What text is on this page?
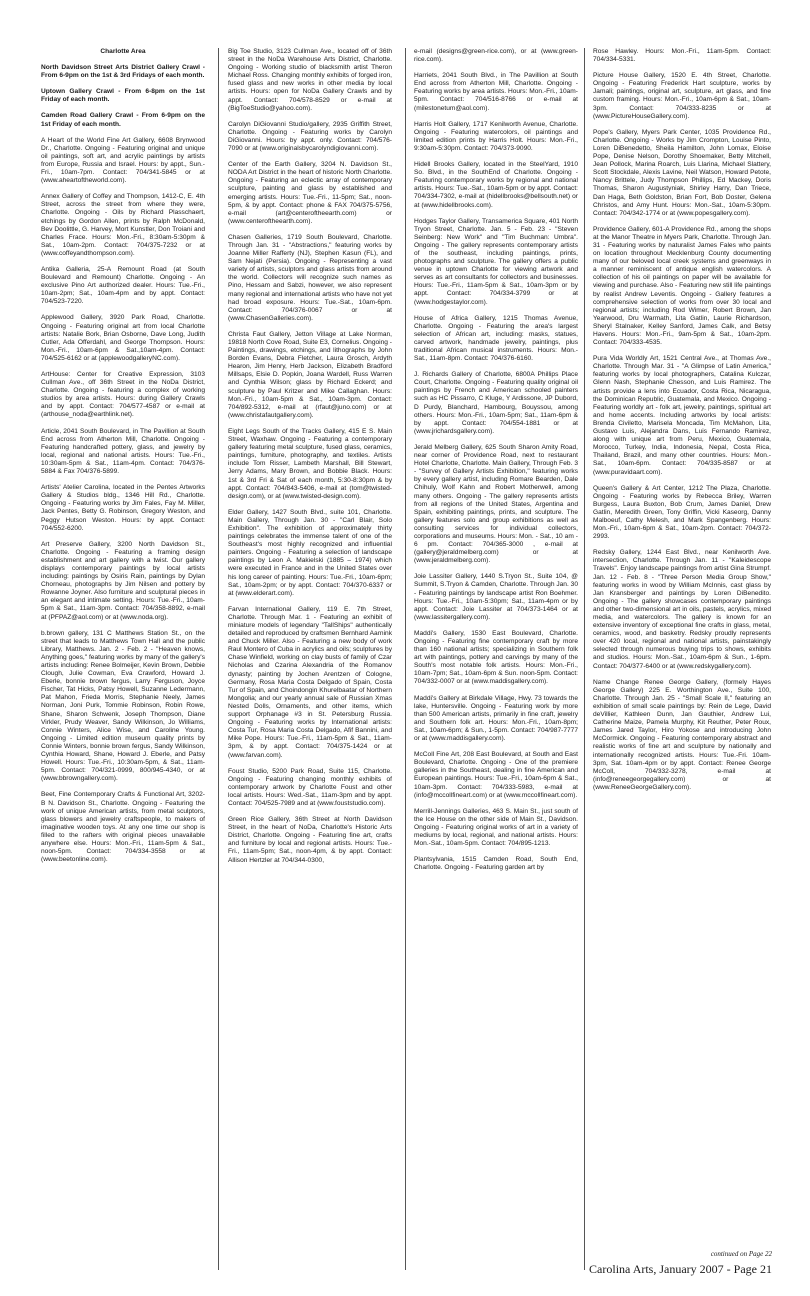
Charlotte Area

North Davidson Street Arts District Gallery Crawl - From 6-9pm on the 1st & 3rd Fridays of each month.

Uptown Gallery Crawl - From 6-8pm on the 1st Friday of each month.

Camden Road Gallery Crawl - From 6-9pm on the 1st Friday of each month.

A Heart of the World Fine Art Gallery, 6608 Brynwood Dr., Charlotte. Ongoing - Featuring original and unique oil paintings, soft art, and acrylic paintings by artists from Europe, Russia and Israel. Hours: by appt., Sun.-Fri., 10am-7pm. Contact: 704/341-5845 or at (www.aheartoftheworld.com).

Annex Gallery of Coffey and Thompson, 1412-C, E. 4th Street, across the street from where they were, Charlotte. Ongoing - Oils by Richard Plasschaert, etchings by Gordon Allen, prints by Ralph McDonald, Bev Doolittle, G. Harvey, Mort Kunstler, Don Troiani and Charles Frace. Hours: Mon.-Fri., 8:30am-5:30pm & Sat., 10am-2pm. Contact: 704/375-7232 or at (www.coffeyandthompson.com).

Antika Galleria, 25-A Remount Road (at South Boulevard and Remount) Charlotte. Ongoing - An exclusive Pino Art authorized dealer. Hours: Tue.-Fri., 10am-2pm; Sat., 10am-4pm and by appt. Contact: 704/523-7220.

Applewood Gallery, 3920 Park Road, Charlotte. Ongoing - Featuring original art from local Charlotte artists: Natalie Bork, Brian Osborne, Dave Long, Judith Cutler, Ada Offerdahl, and George Thompson. Hours: Mon.-Fri., 10am-6pm & Sat.,10am-4pm. Contact: 704/525-6162 or at (applewoodgalleryNC.com).

ArtHouse: Center for Creative Expression, 3103 Cullman Ave., off 36th Street in the NoDa District, Charlotte. Ongoing - featuring a complex of working studios by area artists. Hours: during Gallery Crawls and by appt. Contact: 704/577-4587 or e-mail at (arthouse_noda@earthlink.net).

Article, 2041 South Boulevard, in The Pavillion at South End across from Atherton Mill, Charlotte. Ongoing - Featuring handcrafted pottery, glass, and jewelry by local, regional and national artists. Hours: Tue.-Fri., 10:30am-5pm & Sat., 11am-4pm. Contact: 704/376-5884 & Fax 704/376-5899.

Artists' Atelier Carolina, located in the Pentes Artworks Gallery & Studios bldg., 1346 Hill Rd., Charlotte. Ongoing - Featuring works by Jim Fales, Fay M. Miller, Jack Pentes, Betty G. Robinson, Gregory Weston, and Peggy Hutson Weston. Hours: by appt. Contact: 704/552-6200.

Art Preserve Gallery, 3200 North Davidson St., Charlotte. Ongoing - Featuring a framing design establishment and art gallery with a twist. Our gallery displays contemporary paintings by local artists including: paintings by Osiris Rain, paintings by Dylan Chorneau, photographs by Jim Nilsen and pottery by Rowanne Joyner. Also furniture and sculptural pieces in an elegant and intimate setting. Hours: Tue.-Fri., 10am-5pm & Sat., 11am-3pm. Contact: 704/358-8892, e-mail at (PFPAZ@aol.com) or at (www.noda.org).

b.brown gallery, 131 C Matthews Station St., on the street that leads to Matthews Town Hall and the public Library, Matthews. Jan. 2 - Feb. 2 - "Heaven knows, Anything goes," featuring works by many of the gallery's artists including: Renee Bolmeijer, Kevin Brown, Debbie Clough, Julie Cowman, Eva Crawford, Howard J. Eberle, bonnie brown fergus, Larry Ferguson, Joyce Fischer, Tat Hicks, Patsy Howell, Suzanne Ledermann, Pat Mahon, Frieda Morris, Stephanie Neely, James Norman, Joni Purk, Tommie Robinson, Robin Rowe, Shane, Sharon Schwenk, Joseph Thompson, Diane Virkler, Prudy Weaver, Sandy Wilkinson, Jo Williams, Connie Winters, Alice Wise, and Caroline Young. Ongoing - Limited edition museum quality prints by Connie Winters, bonnie brown fergus, Sandy Wilkinson, Cynthia Howard, Shane, Howard J. Eberle, and Patsy Howell. Hours: Tue.-Fri., 10:30am-5pm, & Sat., 11am-5pm. Contact: 704/321-0999, 800/945-4340, or at (www.bbrowngallery.com).

Beet, Fine Contemporary Crafts & Functional Art, 3202-B N. Davidson St., Charlotte. Ongoing - Featuring the work of unique American artists, from metal sculptors, glass blowers and jewelry craftspeople, to makers of imaginative wooden toys. At any one time our shop is filled to the rafters with original pieces unavailable anywhere else. Hours: Mon.-Fri., 11am-5pm & Sat., noon-5pm. Contact: 704/334-3558 or at (www.beetonline.com).

Big Toe Studio, 3123 Cullman Ave., located off of 36th street in the NoDa Warehouse Arts District, Charlotte. Ongoing - Working studio of blacksmith artist Theron Michael Ross. Changing monthly exhibits of forged iron, fused glass and new works in other media by local artists. Hours: open for NoDa Gallery Crawls and by appt. Contact: 704/578-8529 or e-mail at (BigToeStudio@yahoo.com).

Carolyn DiGiovanni Studio/gallery, 2935 Griffith Street, Charlotte. Ongoing - Featuring works by Carolyn DiGiovanni. Hours: by appt. only. Contact: 704/576-7090 or at (www.originalsbycarolyndigiovanni.com).

Center of the Earth Gallery, 3204 N. Davidson St., NODA Art District in the heart of historic North Charlotte. Ongoing - Featuring an eclectic array of contemporary sculpture, painting and glass by established and emerging artists. Hours: Tue.-Fri., 11-5pm; Sat., noon-5pm, & by appt. Contact: phone & FAX 704/375-5756, e-mail (art@centeroftheearth.com) or (www.centeroftheearth.com).

Chasen Galleries, 1719 South Boulevard, Charlotte. Through Jan. 31 - "Abstractions," featuring works by Joanne Miller Rafferty (NJ), Stephen Kasun (FL), and Sam Nejati (Persia). Ongoing - Representing a vast variety of artists, sculptors and glass artists from around the world. Collectors will recognize such names as Pino, Hessam and Sabzi, however, we also represent many regional and international artists who have not yet had broad exposure. Hours: Tue.-Sat., 10am-6pm. Contact: 704/376-0067 or at (www.ChasenGalleries.com).

Christa Faut Gallery, Jetton Village at Lake Norman, 19818 North Cove Road, Suite E3, Cornelius. Ongoing - Paintings, drawings, etchings, and lithographs by John Borden Evans, Debra Fletcher, Laura Grosch, Ardyth Hearon, Jim Henry, Herb Jackson, Elizabeth Bradford Millsaps, Elsie D. Popkin, Joana Wardell, Russ Warren and Cynthia Wilson; glass by Richard Eckerd; and sculpture by Paul Kritzer and Mike Callaghan. Hours: Mon.-Fri., 10am-5pm & Sat., 10am-3pm. Contact: 704/892-5312, e-mail at (rfaut@juno.com) or at (www.christafautgallery.com).

Eight Legs South of the Tracks Gallery, 415 E S. Main Street, Waxhaw. Ongoing - Featuring a contemporary gallery featuring metal sculpture, fused glass, ceramics, paintings, furniture, photography, and textiles. Artists include Tom Risser, Lambeth Marshall, Bill Stewart, Jerry Adams, Mary Brown, and Bobbie Black. Hours: 1st & 3rd Fri & Sat of each month, 5:30-8:30pm & by appt. Contact: 704/843-5406, e-mail at (tom@twisted-design.com), or at (www.twisted-design.com).

Elder Gallery, 1427 South Blvd., suite 101, Charlotte. Main Gallery, Through Jan. 30 - "Carl Blair, Solo Exhibition". The exhibition of approximately thirty paintings celebrates the immense talent of one of the Southeast's most highly recognized and influential painters. Ongoing - Featuring a selection of landscape paintings by Leon A. Makielski (1885 – 1974) which were executed in France and in the United States over his long career of painting. Hours: Tue.-Fri., 10am-6pm; Sat., 10am-2pm; or by appt. Contact: 704/370-6337 or at (www.elderart.com).

Farvan International Gallery, 119 E. 7th Street, Charlotte. Through Mar. 1 - Featuring an exhibit of miniature models of legendary "TallShips" authentically detailed and reproduced by craftsmen Bernhard Aarnink and Chuck Miller. Also - Featuring a new body of work Raul Montero of Cuba in acrylics and oils; sculptures by Chase Winfield, working on clay busts of family of Czar Nicholas and Czarina Alexandria of the Romanov dynasty; painting by Jochen Arentzen of Cologne, Germany, Rosa Maria Costa Delgado of Spain, Costa Tur of Spain, and Choindongin Khurelbaatar of Northern Mongolia; and our yearly annual sale of Russian Xmas Nested Dolls, Ornaments, and other items, which support Orphanage #3 in St. Petersburg Russia. Ongoing - Featuring works by International artists: Costa Tur, Rosa Maria Costa Delgado, Afif Bannini, and Mike Pope. Hours: Tue.-Fri., 11am-5pm & Sat., 11am-3pm, & by appt. Contact: 704/375-1424 or at (www.farvan.com).

Foust Studio, 5200 Park Road, Suite 115, Charlotte. Ongoing - Featuring changing monthly exhibits of contemporary artwork by Charlotte Foust and other local artists. Hours: Wed.-Sat., 11am-3pm and by appt. Contact: 704/525-7989 and at (www.fouststudio.com).

Green Rice Gallery, 36th Street at North Davidson Street, in the heart of NoDa, Charlotte's Historic Arts District, Charlotte. Ongoing - Featuring fine art, crafts and furniture by local and regional artists. Hours: Tue.-Fri., 11am-5pm; Sat., noon-4pm, & by appt. Contact: Allison Hertzler at 704/344-0300,

e-mail (designs@green-rice.com), or at (www.green-rice.com).

Harriets, 2041 South Blvd., in The Pavillion at South End across from Atherton Mill, Charlotte. Ongoing - Featuring works by area artists. Hours: Mon.-Fri., 10am-5pm. Contact: 704/516-8766 or e-mail at (milestonetum@aol.com).

Harris Holt Gallery, 1717 Kenilworth Avenue, Charlotte. Ongoing - Featuring watercolors, oil paintings and limited edition prints by Harris Holt. Hours: Mon.-Fri., 9:30am-5:30pm. Contact: 704/373-9090.

Hidell Brooks Gallery, located in the SteelYard, 1910 So. Blvd., in the SouthEnd of Charlotte. Ongoing - Featuring contemporary works by regional and national artists. Hours: Tue.-Sat., 10am-5pm or by appt. Contact: 704/334-7302, e-mail at (hidellbrooks@bellsouth.net) or at (www.hidellbrooks.com).

Hodges Taylor Gallery, Transamerica Square, 401 North Tryon Street, Charlotte. Jan. 5 - Feb. 23 - "Steven Seinberg: New Work" and "Tim Buchman: Umbra". Ongoing - The gallery represents contemporary artists of the southeast, including paintings, prints, photographs and sculpture. The gallery offers a public venue in uptown Charlotte for viewing artwork and serves as art consultants for collectors and businesses. Hours: Tue.-Fri., 11am-5pm & Sat., 10am-3pm or by appt. Contact: 704/334-3799 or at (www.hodgestaylor.com).

House of Africa Gallery, 1215 Thomas Avenue, Charlotte. Ongoing - Featuring the area's largest selection of African art, including: masks, statues, carved artwork, handmade jewelry, paintings, plus traditional African musical instruments. Hours: Mon.-Sat., 11am-8pm. Contact: 704/376-6160.

J. Richards Gallery of Charlotte, 6800A Phillips Place Court, Charlotte. Ongoing - Featuring quality original oil paintings by French and American schooled painters such as HC Pissarro, C Kluge, Y Ardissone, JP Dubord, D Purdy, Blanchard, Hambourg, Bouyssou, among others. Hours: Mon.-Fri., 10am-5pm; Sat., 11am-6pm & by appt. Contact: 704/554-1881 or at (www.jrichardsgallery.com).

Jerald Melberg Gallery, 625 South Sharon Amity Road, near corner of Providence Road, next to restaurant Hotel Charlotte, Charlotte. Main Gallery, Through Feb. 3 - "Survey of Gallery Artists Exhibition," featuring works by every gallery artist, including Romare Bearden, Dale Chihuly, Wolf Kahn and Robert Motherwell, among many others. Ongoing - The gallery represents artists from all regions of the United States, Argentina and Spain, exhibiting paintings, prints, and sculpture. The gallery features solo and group exhibitions as well as consulting services for individual collectors, corporations and museums. Hours: Mon. - Sat., 10 am - 6 pm. Contact: 704/365-3000 , e-mail at (gallery@jeraldmelberg.com) or at (www.jeraldmelberg.com).

Joie Lassiter Gallery, 1440 S.Tryon St., Suite 104, @ Summit, S.Tryon & Camden, Charlotte. Through Jan. 30 - Featuring paintings by landscape artist Ron Boehmer. Hours: Tue.-Fri., 10am-5:30pm; Sat., 11am-4pm or by appt. Contact: Joie Lassiter at 704/373-1464 or at (www.lassitergallery.com).

Maddi's Gallery, 1530 East Boulevard, Charlotte. Ongoing - Featuring fine contemporary craft by more than 160 national artists; specializing in Southern folk art with paintings, pottery and carvings by many of the South's most notable folk artists. Hours: Mon.-Fri., 10am-7pm; Sat., 10am-6pm & Sun. noon-5pm. Contact: 704/332-0007 or at (www.maddisgallery.com).

Maddi's Gallery at Birkdale Village, Hwy. 73 towards the lake, Huntersville. Ongoing - Featuring work by more than 500 American artists, primarily in fine craft, jewelry and Southern folk art. Hours: Mon.-Fri., 10am-8pm; Sat., 10am-6pm; & Sun., 1-5pm. Contact: 704/987-7777 or at (www.maddisgallery.com).

McColl Fine Art, 208 East Boulevard, at South and East Boulevard, Charlotte. Ongoing - One of the premiere galleries in the Southeast, dealing in fine American and European paintings. Hours: Tue.-Fri., 10am-6pm & Sat., 10am-3pm. Contact: 704/333-5983, e-mail at (info@mccollfineart.com) or at (www.mccollfineart.com).

Merrill-Jennings Galleries, 463 S. Main St., just south of the Ice House on the other side of Main St., Davidson. Ongoing - Featuring original works of art in a variety of mediums by local, regional, and national artists. Hours: Mon.-Sat., 10am-5pm. Contact: 704/895-1213.

Plantsylvania, 1515 Camden Road, South End, Charlotte. Ongoing - Featuring garden art by

Rose Hawley. Hours: Mon.-Fri., 11am-5pm. Contact: 704/334-5331.

Picture House Gallery, 1520 E. 4th Street, Charlotte. Ongoing - Featuring Frederick Hart sculpture, works by Jamali; paintings, original art, sculpture, art glass, and fine custom framing. Hours: Mon.-Fri., 10am-6pm & Sat., 10am-3pm. Contact: 704/333-8235 or at (www.PictureHouseGallery.com).

Pope's Gallery, Myers Park Center, 1035 Providence Rd., Charlotte. Ongoing - Works by Jim Crompton, Louise Pinto, Loren DiBenedetto, Sheila Hamilton, John Lomax, Eloise Pope, Denise Nelson, Dorothy Shoemaker, Betty Mitchell, Jean Pollock, Marina Roarch, Luis Llarina, Michael Slattery, Scott Stockdale, Alexis Lavine, Neil Watson, Howard Petote, Nancy Brittele, Judy Thompson Phillips, Ed Mackey, Doris Thomas, Sharon Augustyniak, Shirley Harry, Dan Triece, Dan Haga, Beth Goldston, Brian Fort, Bob Doster, Gelena Christos, and Amy Hunt. Hours: Mon.-Sat., 10am-5:30pm. Contact: 704/342-1774 or at (www.popesgallery.com).

Providence Gallery, 601-A Providence Rd., among the shops at the Manor Theatre in Myers Park, Charlotte. Through Jan. 31 - Featuring works by naturalist James Fales who paints on location throughout Mecklenburg County documenting many of our beloved local creek systems and greenways in a manner reminiscent of antique english watercolors. A collection of his oil paintings on paper will be available for viewing and purchase. Also - Featuring new still life paintings by realist Andrew Leventis. Ongoing - Gallery features a comprehensive selection of works from over 30 local and regional artists; including Rod Wimer, Robert Brown, Jan Yearwood, Dru Warmath, Lita Gatlin, Laurie Richardson, Sheryl Stalnaker, Kelley Sanford, James Calk, and Betsy Havens. Hours: Mon.-Fri., 9am-5pm & Sat., 10am-2pm. Contact: 704/333-4535.

Pura Vida Worldly Art, 1521 Central Ave., at Thomas Ave., Charlotte. Through Mar. 31 - "A Glimpse of Latin America," featuring works by local photographers, Catalina Kulczar, Glenn Nash, Stephanie Chesson, and Luis Ramirez. The artists provide a lens into Ecuador, Costa Rica, Nicaragua, the Dominican Republic, Guatemala, and Mexico. Ongoing - Featuring worldly art - folk art, jewelry, paintings, spiritual art and home accents. Including artworks by local artists: Brenda Civiletto, Marisela Moncada, Tim McMahon, Lita, Gustavo Luis, Alejandra Dans, Luis Fernando Ramirez, along with unique art from Peru, Mexico, Guatemala, Morocco, Turkey, India, Indonesia, Nepal, Costa Rica, Thailand, Brazil, and many other countries. Hours: Mon.-Sat., 10am-6pm. Contact: 704/335-8587 or at (www.puravidaart.com).

Queen's Gallery & Art Center, 1212 The Plaza, Charlotte. Ongoing - Featuring works by Rebecca Briley, Warren Burgess, Laura Buxton, Bob Crum, James Daniel, Drew Gatlin, Meredith Green, Tony Griffin, Vicki Kaseorg, Danny Malboeuf, Cathy Melesh, and Mark Spangenberg. Hours: Mon.-Fri., 10am-6pm & Sat., 10am-2pm. Contact: 704/372-2993.

Redsky Gallery, 1244 East Blvd., near Kenilworth Ave. intersection, Charlotte. Through Jan. 11 - "Kaleidescope Travels". Enjoy landscape paintings from artist Gina Strumpf. Jan. 12 - Feb. 8 - "Three Person Media Group Show," featuring works in wood by William McInnis, cast glass by Jan Kransberger and paintings by Loren DiBenedito. Ongoing - The gallery showcases contemporary paintings and other two-dimensional art in oils, pastels, acrylics, mixed media, and watercolors. The gallery is known for an extensive inventory of exceptional fine crafts in glass, metal, ceramics, wood, and basketry. Redsky proudly represents over 420 local, regional and national artists, painstakingly selected through numerous buying trips to shows, exhibits and studios. Hours: Mon.-Sat., 10am-6pm & Sun., 1-6pm. Contact: 704/377-6400 or at (www.redskygallery.com).

Name Change Renee George Gallery, (formely Hayes George Gallery) 225 E. Worthington Ave., Suite 100, Charlotte. Through Jan. 25 - "Small Scale II," featuring an exhibition of small scale paintings by: Rein de Lege, David deVillier, Kathleen Dunn, Jan Gauthier, Andrew Lui, Catherine Maize, Pamela Murphy, Kit Reuther, Peter Roux, James Jared Taylor, Hiro Yokose and introducing John McCormick. Ongoing - Featuring contemporary abstract and realistic works of fine art and sculpture by nationally and internationally recognized artists. Hours: Tue.-Fri. 10am-3pm, Sat. 10am-4pm or by appt. Contact: Renee George McColl, 704/332-3278, e-mail at (info@reneegeorgegallery.com) or at (www.ReneeGeorgeGallery.com).

continued on Page 22
Carolina Arts, January 2007 - Page 21
